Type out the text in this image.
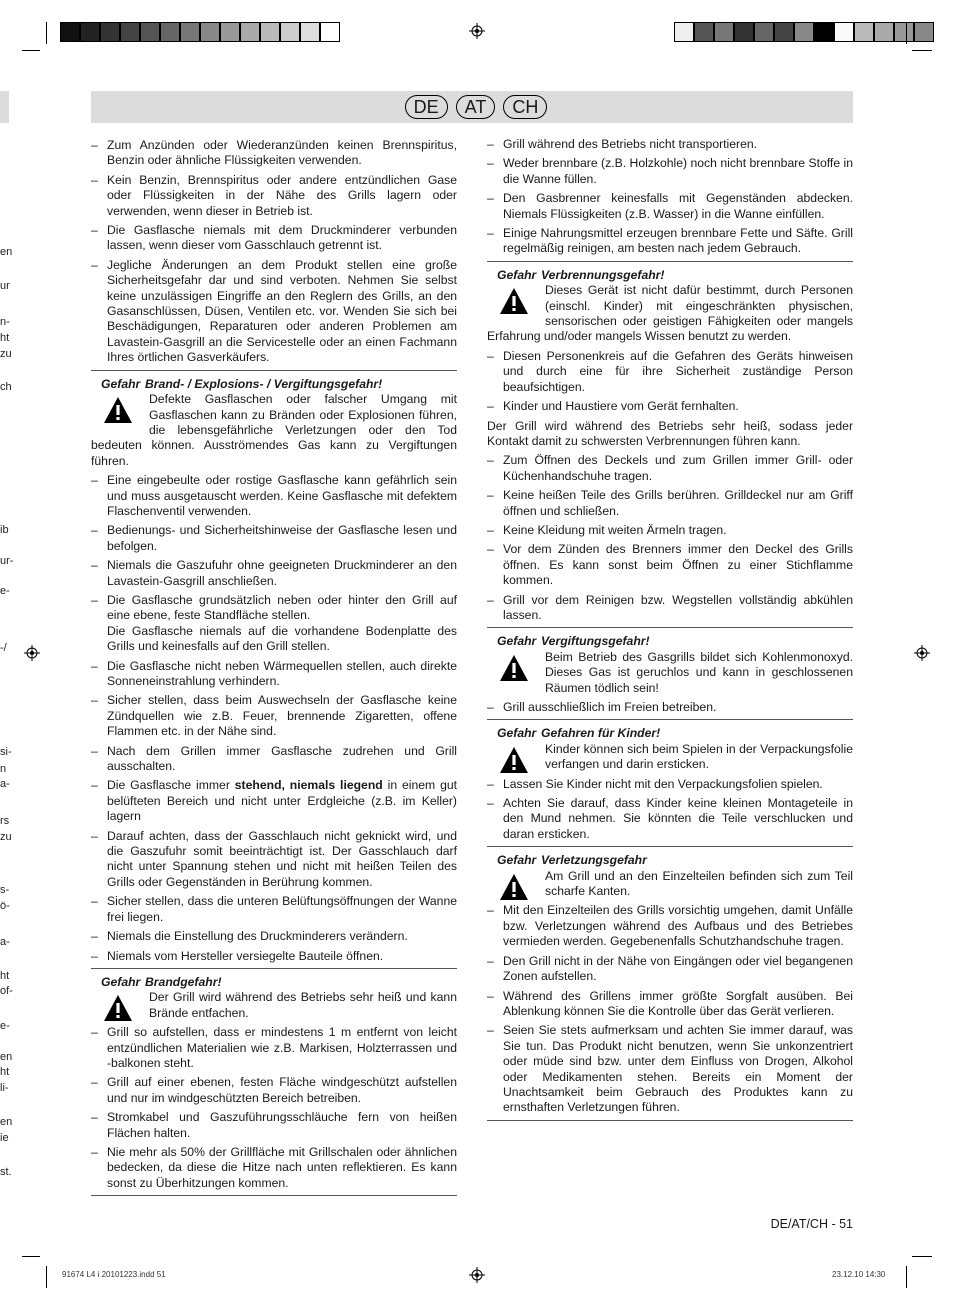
en
ur
n-
ht
zu
ch
ib
ur-
e-
-/
si-
n
a-
rs
zu
s-
ö-
a-
ht
of-
e-
en
ht
li-
en
ie
st.
DE AT CH
– Zum Anzünden oder Wiederanzünden keinen Brennspiritus, Benzin oder ähnliche Flüssigkeiten verwenden.
– Kein Benzin, Brennspiritus oder andere entzündlichen Gase oder Flüssigkeiten in der Nähe des Grills lagern oder verwenden, wenn dieser in Betrieb ist.
– Die Gasflasche niemals mit dem Druckminderer verbunden lassen, wenn dieser vom Gasschlauch getrennt ist.
– Jegliche Änderungen an dem Produkt stellen eine große Sicherheitsgefahr dar und sind verboten. Nehmen Sie selbst keine unzulässigen Eingriffe an den Reglern des Grills, an den Gasanschlüssen, Düsen, Ventilen etc. vor. Wenden Sie sich bei Beschädigungen, Reparaturen oder anderen Problemen am Lavastein-Gasgrill an die Servicestelle oder an einen Fachmann Ihres örtlichen Gasverkäufers.
Gefahr Brand- / Explosions- / Vergiftungsgefahr!
Defekte Gasflaschen oder falscher Umgang mit Gasflaschen kann zu Bränden oder Explosionen führen, die lebensgefährliche Verletzungen oder den Tod bedeuten können. Ausströmendes Gas kann zu Vergiftungen führen.
– Eine eingebeulte oder rostige Gasflasche kann gefährlich sein und muss ausgetauscht werden. Keine Gasflasche mit defektem Flaschenventil verwenden.
– Bedienungs- und Sicherheitshinweise der Gasflasche lesen und befolgen.
– Niemals die Gaszufuhr ohne geeigneten Druckminderer an den Lavastein-Gasgrill anschließen.
– Die Gasflasche grundsätzlich neben oder hinter den Grill auf eine ebene, feste Standfläche stellen.
Die Gasflasche niemals auf die vorhandene Bodenplatte des Grills und keinesfalls auf den Grill stellen.
– Die Gasflasche nicht neben Wärmequellen stellen, auch direkte Sonneneinstrahlung verhindern.
– Sicher stellen, dass beim Auswechseln der Gasflasche keine Zündquellen wie z.B. Feuer, brennende Zigaretten, offene Flammen etc. in der Nähe sind.
– Nach dem Grillen immer Gasflasche zudrehen und Grill ausschalten.
– Die Gasflasche immer stehend, niemals liegend in einem gut belüfteten Bereich und nicht unter Erdgleiche (z.B. im Keller) lagern
– Darauf achten, dass der Gasschlauch nicht geknickt wird, und die Gaszufuhr somit beeinträchtigt ist. Der Gasschlauch darf nicht unter Spannung stehen und nicht mit heißen Teilen des Grills oder Gegenständen in Berührung kommen.
– Sicher stellen, dass die unteren Belüftungsöffnungen der Wanne frei liegen.
– Niemals die Einstellung des Druckminderers verändern.
– Niemals vom Hersteller versiegelte Bauteile öffnen.
Gefahr Brandgefahr!
Der Grill wird während des Betriebs sehr heiß und kann Brände entfachen.
– Grill so aufstellen, dass er mindestens 1 m entfernt von leicht entzündlichen Materialien wie z.B. Markisen, Holzterrassen und -balkonen steht.
– Grill auf einer ebenen, festen Fläche windgeschützt aufstellen und nur im windgeschützten Bereich betreiben.
– Stromkabel und Gaszuführungsschläuche fern von heißen Flächen halten.
– Nie mehr als 50% der Grillfläche mit Grillschalen oder ähnlichen bedecken, da diese die Hitze nach unten reflektieren. Es kann sonst zu Überhitzungen kommen.
– Grill während des Betriebs nicht transportieren.
– Weder brennbare (z.B. Holzkohle) noch nicht brennbare Stoffe in die Wanne füllen.
– Den Gasbrenner keinesfalls mit Gegenständen abdecken. Niemals Flüssigkeiten (z.B. Wasser) in die Wanne einfüllen.
– Einige Nahrungsmittel erzeugen brennbare Fette und Säfte. Grill regelmäßig reinigen, am besten nach jedem Gebrauch.
Gefahr Verbrennungsgefahr!
Dieses Gerät ist nicht dafür bestimmt, durch Personen (einschl. Kinder) mit eingeschränkten physischen, sensorischen oder geistigen Fähigkeiten oder mangels Erfahrung und/oder mangels Wissen benutzt zu werden.
– Diesen Personenkreis auf die Gefahren des Geräts hinweisen und durch eine für ihre Sicherheit zuständige Person beaufsichtigen.
– Kinder und Haustiere vom Gerät fernhalten.

Der Grill wird während des Betriebs sehr heiß, sodass jeder Kontakt damit zu schwersten Verbrennungen führen kann.

– Zum Öffnen des Deckels und zum Grillen immer Grill- oder Küchenhandschuhe tragen.
– Keine heißen Teile des Grills berühren. Grilldeckel nur am Griff öffnen und schließen.
– Keine Kleidung mit weiten Ärmeln tragen.
– Vor dem Zünden des Brenners immer den Deckel des Grills öffnen. Es kann sonst beim Öffnen zu einer Stichflamme kommen.
– Grill vor dem Reinigen bzw. Wegstellen vollständig abkühlen lassen.
Gefahr Vergiftungsgefahr!
Beim Betrieb des Gasgrills bildet sich Kohlenmonoxyd. Dieses Gas ist geruchlos und kann in geschlossenen Räumen tödlich sein!
– Grill ausschließlich im Freien betreiben.
Gefahr Gefahren für Kinder!
Kinder können sich beim Spielen in der Verpackungsfolie verfangen und darin ersticken.
– Lassen Sie Kinder nicht mit den Verpackungsfolien spielen.
– Achten Sie darauf, dass Kinder keine kleinen Montageteile in den Mund nehmen. Sie könnten die Teile verschlucken und daran ersticken.
Gefahr Verletzungsgefahr
Am Grill und an den Einzelteilen befinden sich zum Teil scharfe Kanten.
– Mit den Einzelteilen des Grills vorsichtig umgehen, damit Unfälle bzw. Verletzungen während des Aufbaus und des Betriebes vermieden werden. Gegebenenfalls Schutzhandschuhe tragen.
– Den Grill nicht in der Nähe von Eingängen oder viel begangenen Zonen aufstellen.
– Während des Grillens immer größte Sorgfalt ausüben. Bei Ablenkung können Sie die Kontrolle über das Gerät verlieren.
– Seien Sie stets aufmerksam und achten Sie immer darauf, was Sie tun. Das Produkt nicht benutzen, wenn Sie unkonzentriert oder müde sind bzw. unter dem Einfluss von Drogen, Alkohol oder Medikamenten stehen. Bereits ein Moment der Unachtsamkeit beim Gebrauch des Produktes kann zu ernsthaften Verletzungen führen.
DE/AT/CH - 51
91674 L4 i 20101223.indd 51	23.12.10 14:30
